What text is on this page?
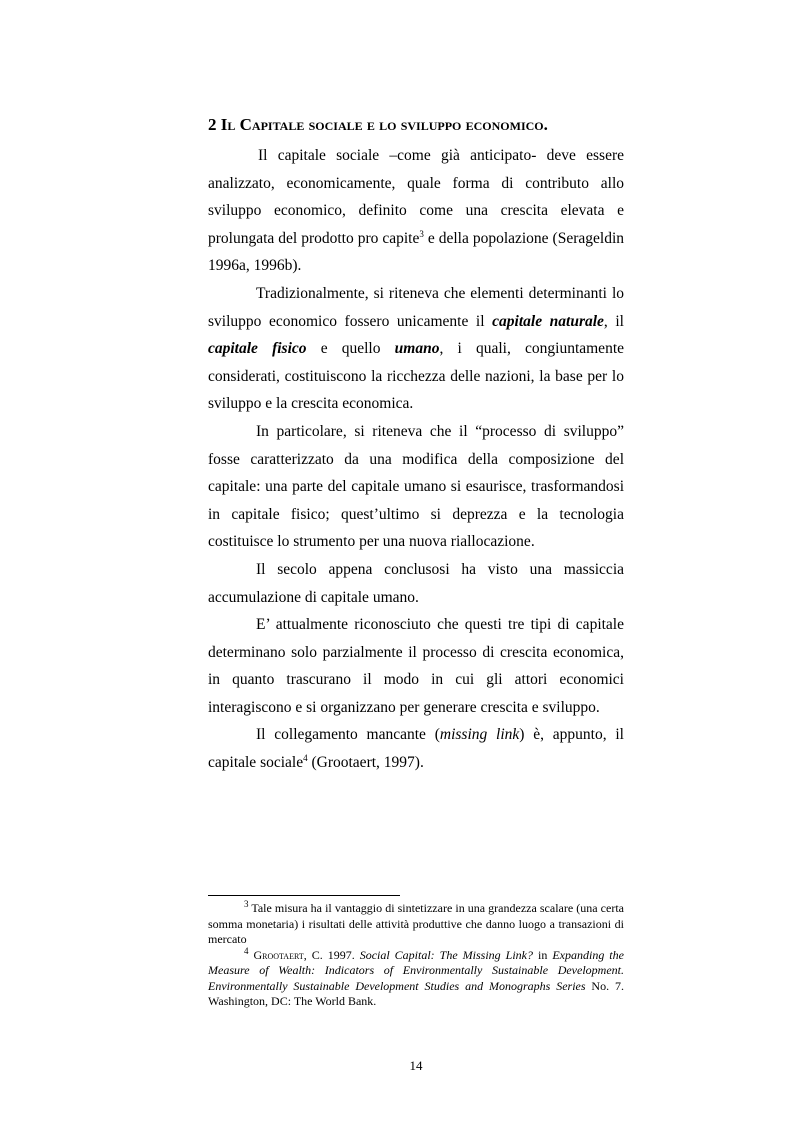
2 Il Capitale sociale e lo sviluppo economico.

Il capitale sociale –come già anticipato- deve essere analizzato, economicamente, quale forma di contributo allo sviluppo economico, definito come una crescita elevata e prolungata del prodotto pro capite$^3$ e della popolazione (Serageldin 1996a, 1996b).

Tradizionalmente, si riteneva che elementi determinanti lo sviluppo economico fossero unicamente il capitale naturale, il capitale fisico e quello umano, i quali, congiuntamente considerati, costituiscono la ricchezza delle nazioni, la base per lo sviluppo e la crescita economica.

In particolare, si riteneva che il “processo di sviluppo” fosse caratterizzato da una modifica della composizione del capitale: una parte del capitale umano si esaurisce, trasformandosi in capitale fisico; quest’ultimo si deprezza e la tecnologia costituisce lo strumento per una nuova riallocazione.

Il secolo appena conclusosi ha visto una massiccia accumulazione di capitale umano.

E’ attualmente riconosciuto che questi tre tipi di capitale determinano solo parzialmente il processo di crescita economica, in quanto trascurano il modo in cui gli attori economici interagiscono e si organizzano per generare crescita e sviluppo.

Il collegamento mancante (missing link) è, appunto, il capitale sociale$^4$ (Grootaert, 1997).

$^3$ Tale misura ha il vantaggio di sintetizzare in una grandezza scalare (una certa somma monetaria) i risultati delle attività produttive che danno luogo a transazioni di mercato

$^4$ Grootaert, C. 1997. Social Capital: The Missing Link? in Expanding the Measure of Wealth: Indicators of Environmentally Sustainable Development. Environmentally Sustainable Development Studies and Monographs Series No. 7. Washington, DC: The World Bank.

14
